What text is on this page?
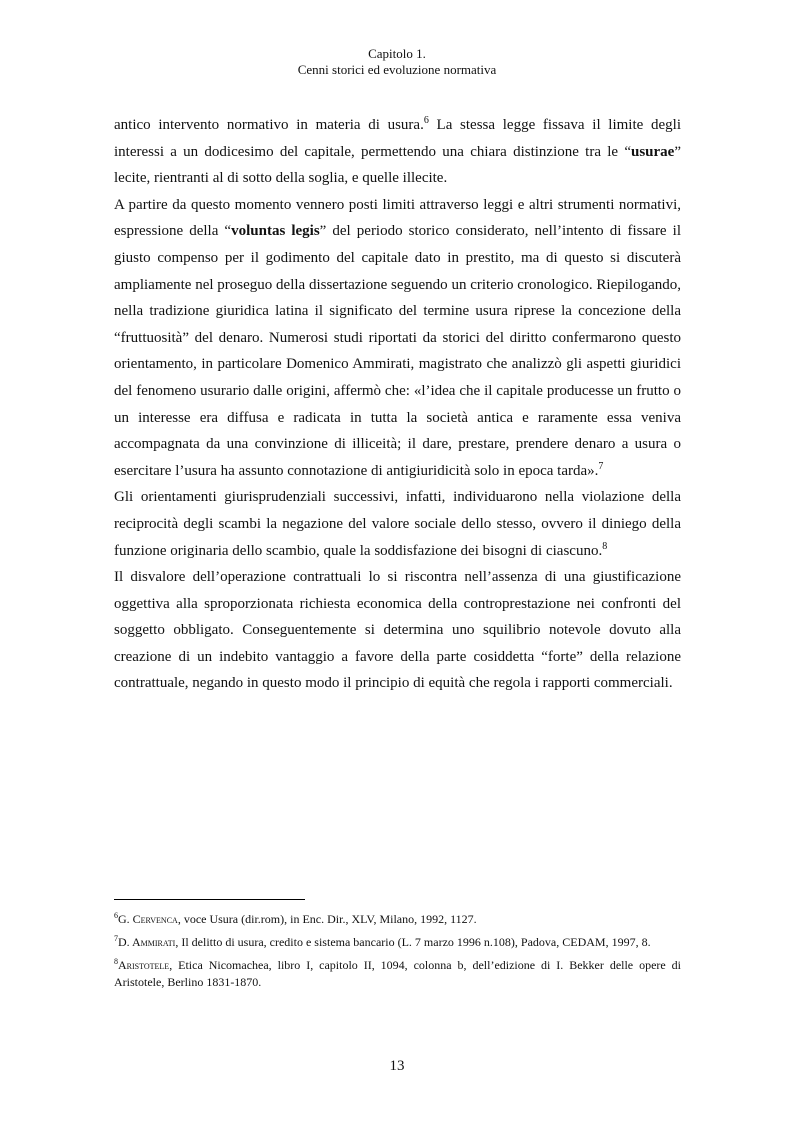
Capitolo 1.
Cenni storici ed evoluzione normativa

antico intervento normativo in materia di usura.$^6$ La stessa legge fissava il limite degli interessi a un dodicesimo del capitale, permettendo una chiara distinzione tra le “usurae” lecite, rientranti al di sotto della soglia, e quelle illecite.

A partire da questo momento vennero posti limiti attraverso leggi e altri strumenti normativi, espressione della “voluntas legis” del periodo storico considerato, nell’intento di fissare il giusto compenso per il godimento del capitale dato in prestito, ma di questo si discuterà ampliamente nel proseguo della dissertazione seguendo un criterio cronologico. Riepilogando, nella tradizione giuridica latina il significato del termine usura riprese la concezione della “fruttuosità” del denaro. Numerosi studi riportati da storici del diritto confermarono questo orientamento, in particolare Domenico Ammirati, magistrato che analizzò gli aspetti giuridici del fenomeno usurario dalle origini, affermò che: «l’idea che il capitale producesse un frutto o un interesse era diffusa e radicata in tutta la società antica e raramente essa veniva accompagnata da una convinzione di illiceità; il dare, prestare, prendere denaro a usura o esercitare l’usura ha assunto connotazione di antigiuridicità solo in epoca tarda».$^7$

Gli orientamenti giurisprudenziali successivi, infatti, individuarono nella violazione della reciprocità degli scambi la negazione del valore sociale dello stesso, ovvero il diniego della funzione originaria dello scambio, quale la soddisfazione dei bisogni di ciascuno.$^8$

Il disvalore dell’operazione contrattuali lo si riscontra nell’assenza di una giustificazione oggettiva alla sproporzionata richiesta economica della controprestazione nei confronti del soggetto obbligato. Conseguentemente si determina uno squilibrio notevole dovuto alla creazione di un indebito vantaggio a favore della parte cosiddetta “forte” della relazione contrattuale, negando in questo modo il principio di equità che regola i rapporti commerciali.

$^6$G. Cervenca, voce Usura (dir.rom), in Enc. Dir., XLV, Milano, 1992, 1127.

$^7$D. Ammirati, Il delitto di usura, credito e sistema bancario (L. 7 marzo 1996 n.108), Padova, CEDAM, 1997, 8.

$^8$Aristotele, Etica Nicomachea, libro I, capitolo II, 1094, colonna b, dell’edizione di I. Bekker delle opere di Aristotele, Berlino 1831-1870.

13
